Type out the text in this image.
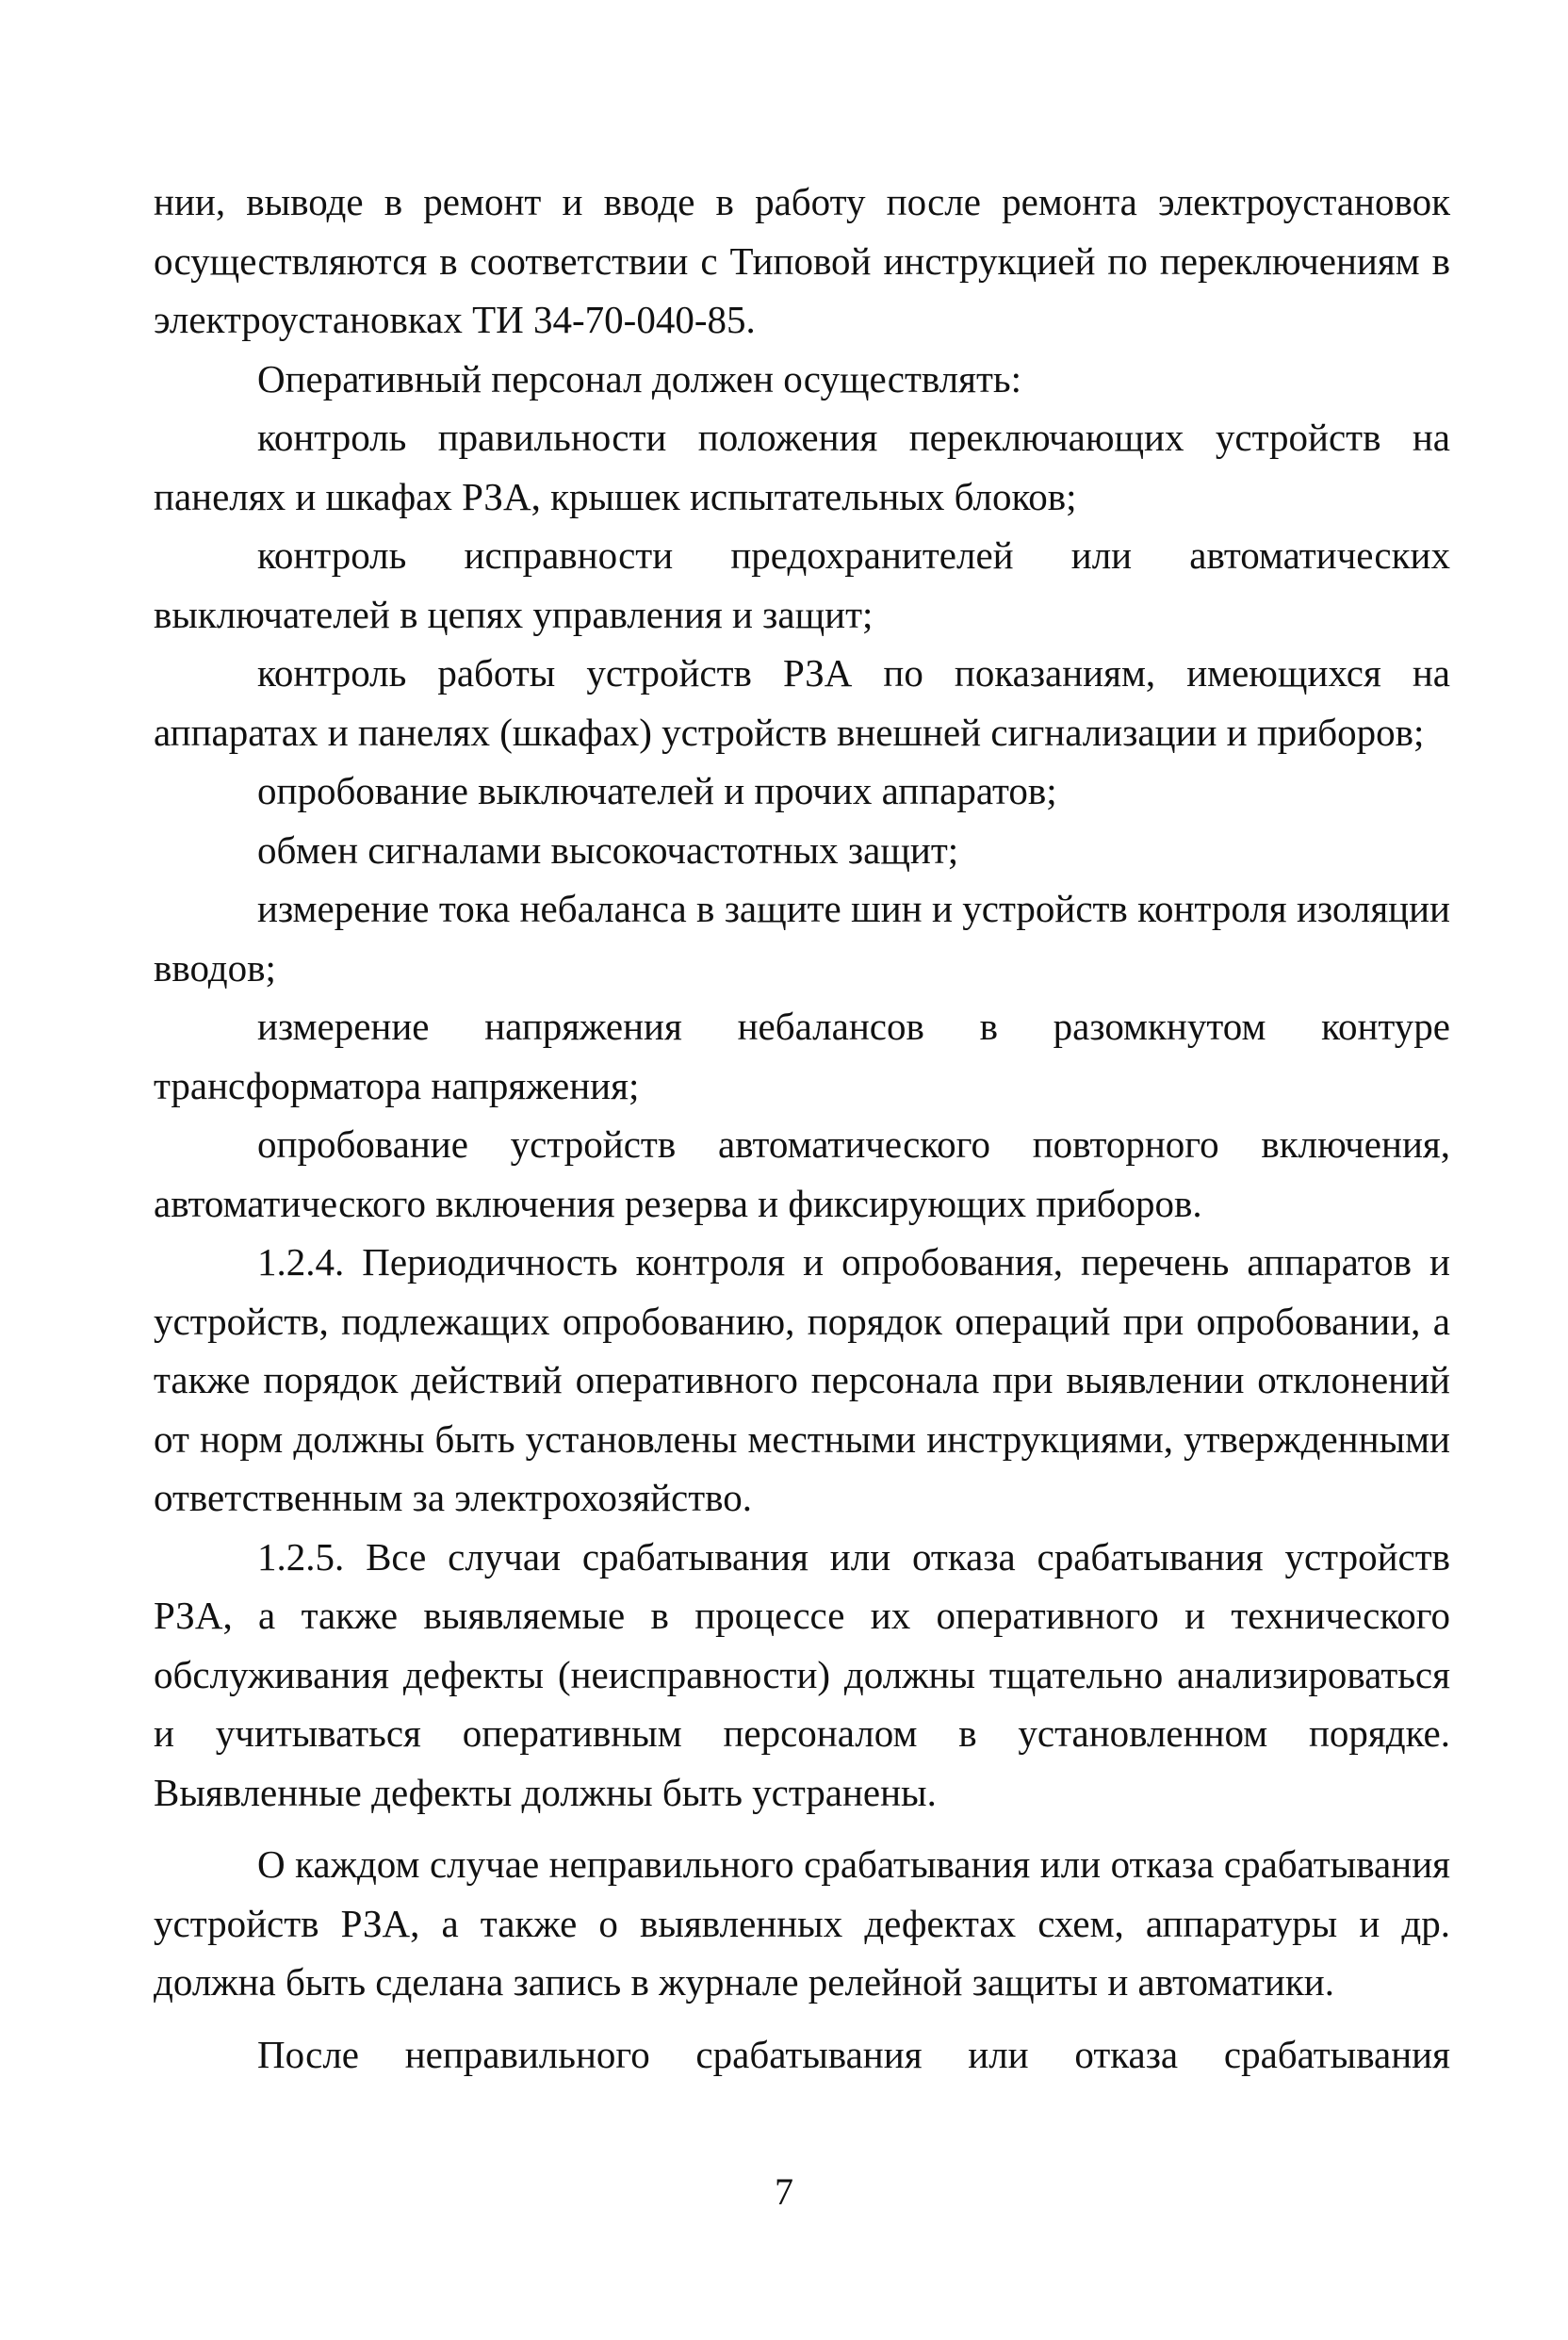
нии, выводе в ремонт и вводе в работу после ремонта электроустановок осуществляются в соответствии с Типовой инструкцией по переключениям в электроустановках ТИ 34-70-040-85.

Оперативный персонал должен осуществлять:

контроль правильности положения переключающих устройств на панелях и шкафах РЗА, крышек испытательных блоков;

контроль исправности предохранителей или автоматических выключателей в цепях управления и защит;

контроль работы устройств РЗА по показаниям, имеющихся на аппаратах и панелях (шкафах) устройств внешней сигнализации и приборов;

опробование выключателей и прочих аппаратов;

обмен сигналами высокочастотных защит;

измерение тока небаланса в защите шин и устройств контроля изоляции вводов;

измерение напряжения небалансов в разомкнутом контуре трансформатора напряжения;

опробование устройств автоматического повторного включения, автоматического включения резерва и фиксирующих приборов.

1.2.4. Периодичность контроля и опробования, перечень аппаратов и устройств, подлежащих опробованию, порядок операций при опробовании, а также порядок действий оперативного персонала при выявлении отклонений от норм должны быть установлены местными инструкциями, утвержденными ответственным за электрохозяйство.

1.2.5. Все случаи срабатывания или отказа срабатывания устройств РЗА, а также выявляемые в процессе их оперативного и технического обслуживания дефекты (неисправности) должны тщательно анализироваться и учитываться оперативным персоналом в установленном порядке. Выявленные дефекты должны быть устранены.

О каждом случае неправильного срабатывания или отказа срабатывания устройств РЗА, а также о выявленных дефектах схем, аппаратуры и др. должна быть сделана запись в журнале релейной защиты и автоматики.

После неправильного срабатывания или отказа срабатывания

7
